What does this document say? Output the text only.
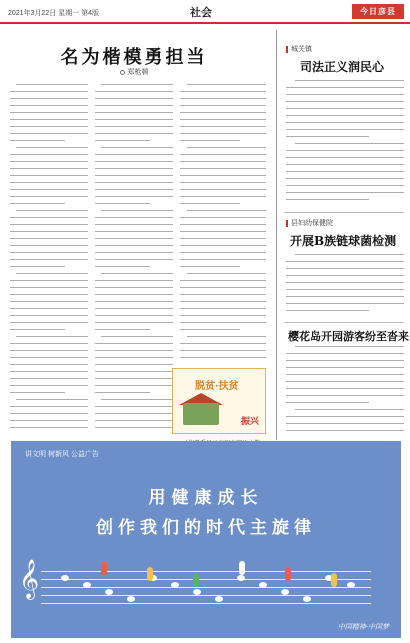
2021年3月22日 星期一 第4版	社会	今日彦县
名为楷模勇担当
郑枪顿
脱贫·扶贫
振兴
城关镇
司法正义润民心
县妇幼保健院
开展B族链球菌检测
樱花岛开园游客纷至沓来
讲文明 树新风 公益广告
用健康成长
创作我们的时代主旋律
𝄞
中国精神·中国梦
